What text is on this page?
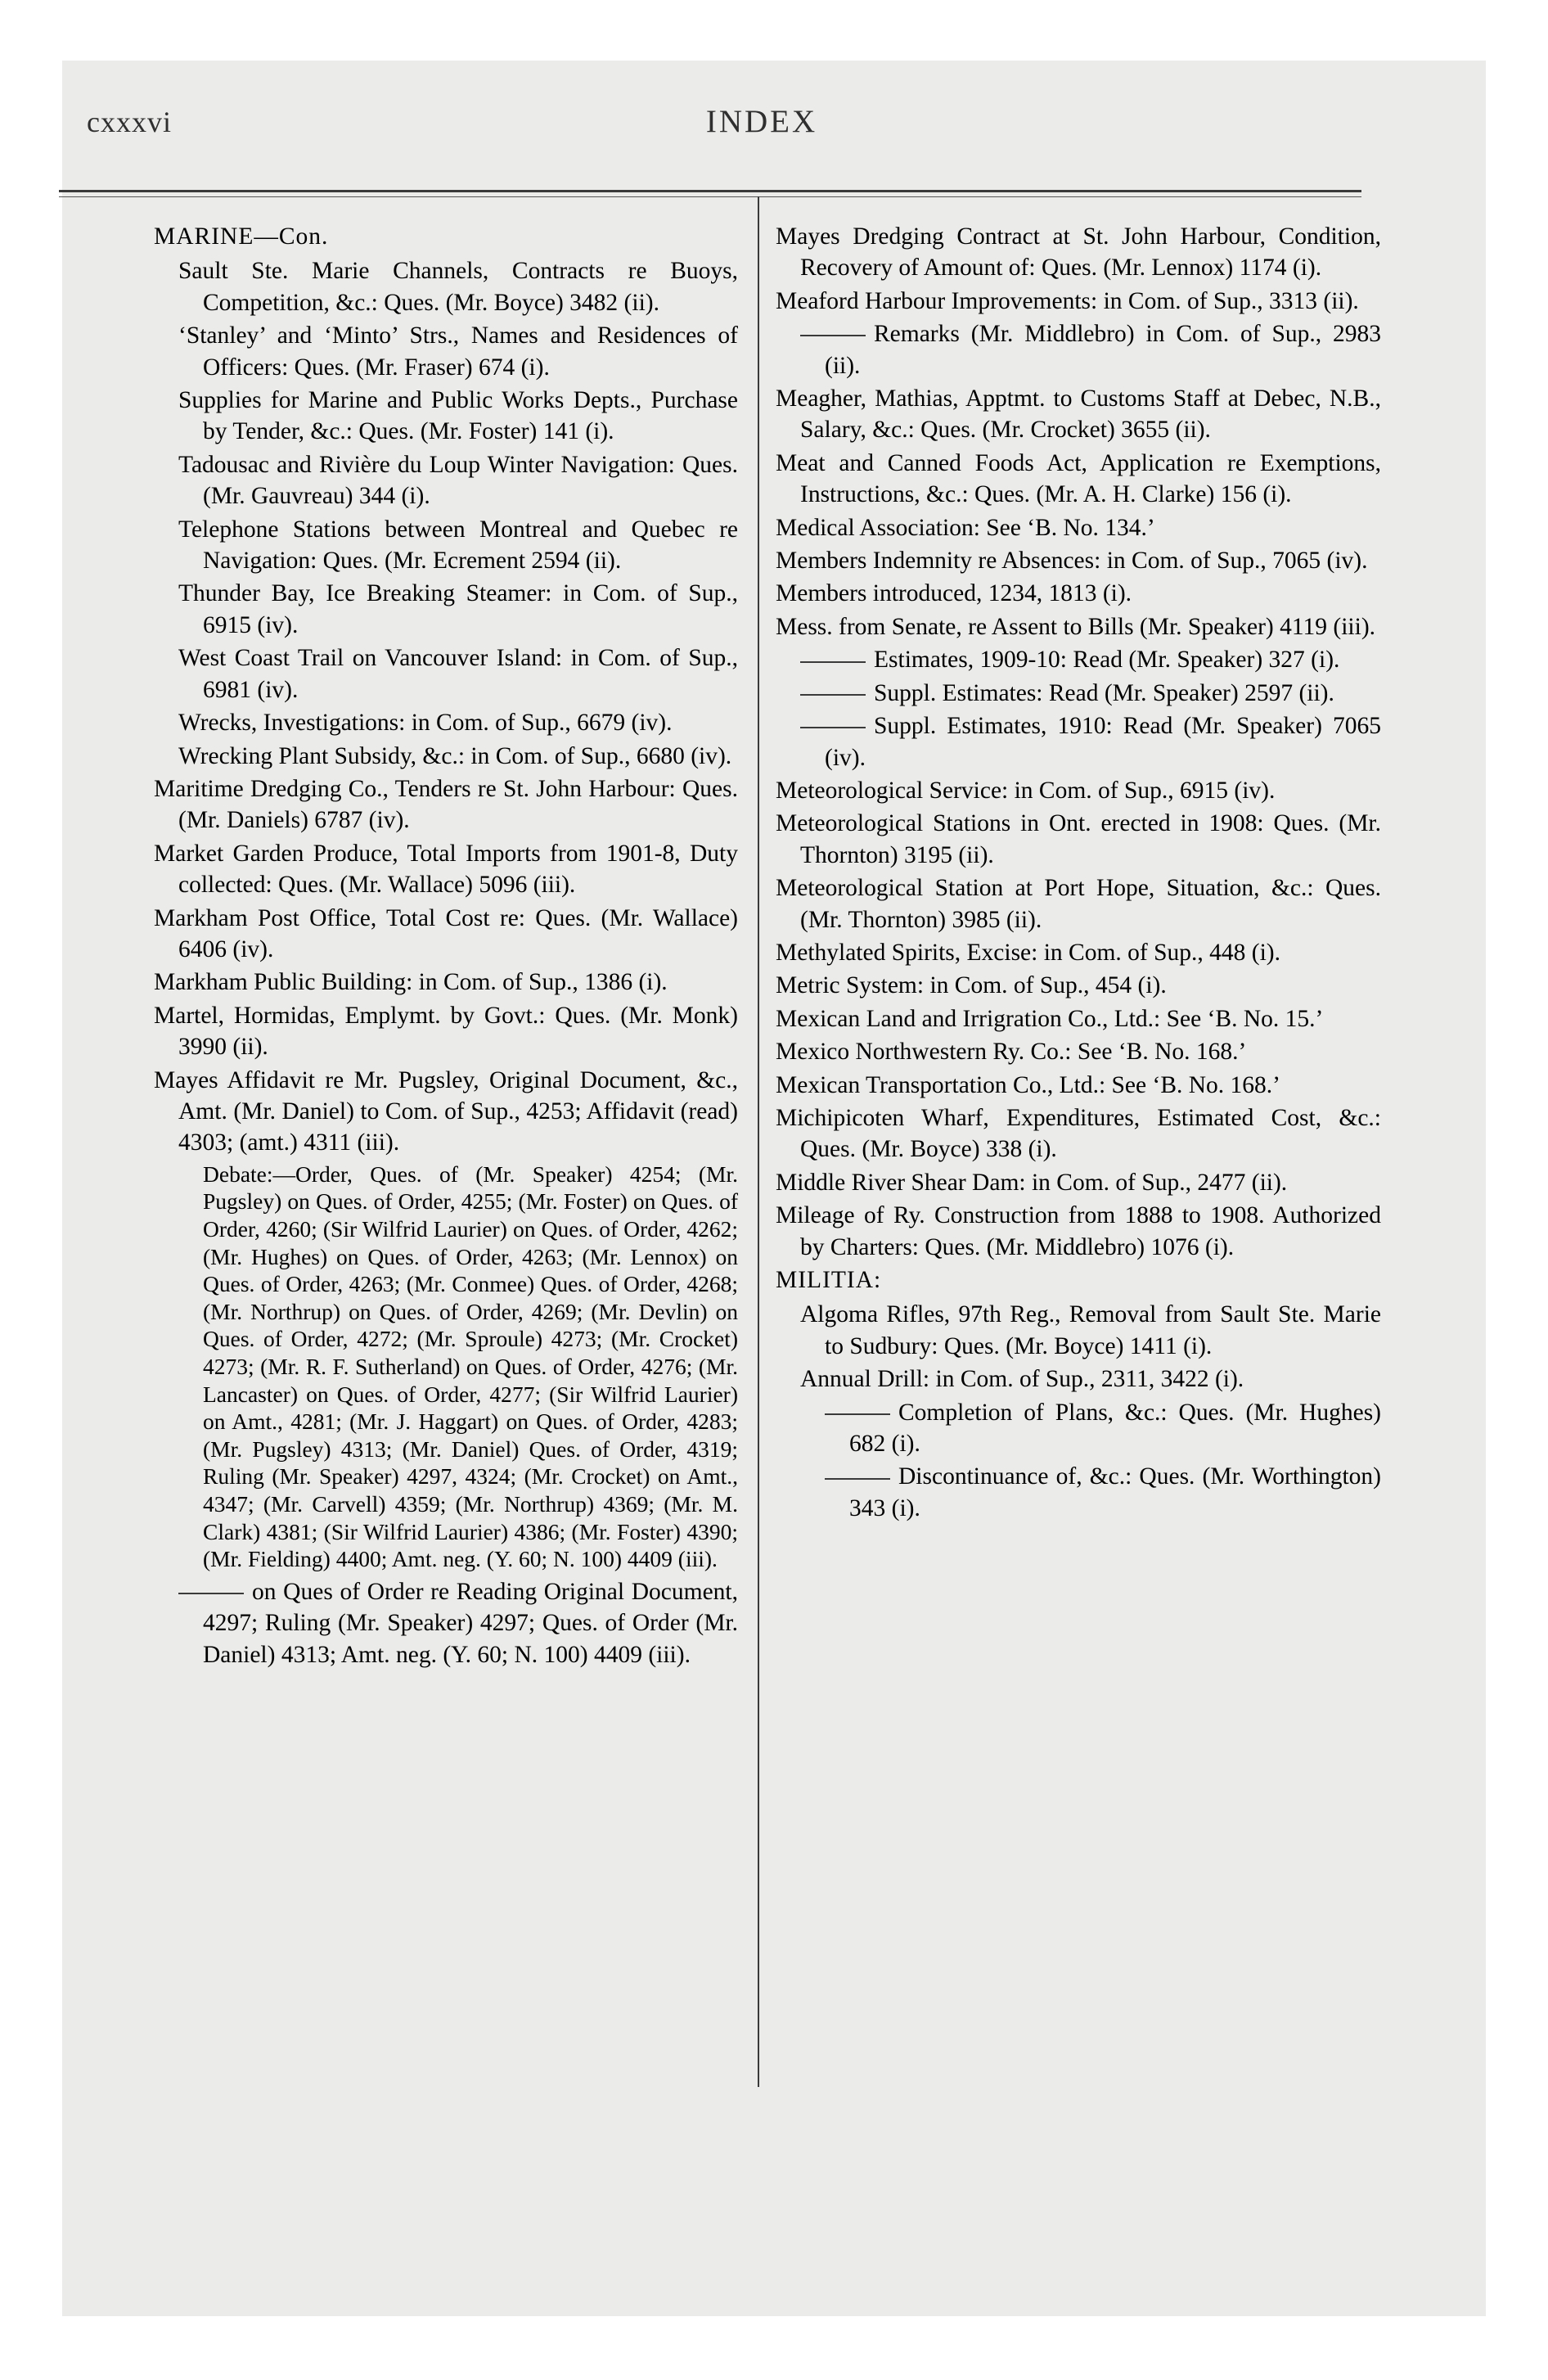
cxxxvi	INDEX
MARINE—Con.
Sault Ste. Marie Channels, Contracts re Buoys, Competition, &c.: Ques. (Mr. Boyce) 3482 (ii).
‘Stanley’ and ‘Minto’ Strs., Names and Residences of Officers: Ques. (Mr. Fraser) 674 (i).
Supplies for Marine and Public Works Depts., Purchase by Tender, &c.: Ques. (Mr. Foster) 141 (i).
Tadousac and Rivière du Loup Winter Navigation: Ques. (Mr. Gauvreau) 344 (i).
Telephone Stations between Montreal and Quebec re Navigation: Ques. (Mr. Ecrement 2594 (ii).
Thunder Bay, Ice Breaking Steamer: in Com. of Sup., 6915 (iv).
West Coast Trail on Vancouver Island: in Com. of Sup., 6981 (iv).
Wrecks, Investigations: in Com. of Sup., 6679 (iv).
Wrecking Plant Subsidy, &c.: in Com. of Sup., 6680 (iv).
Maritime Dredging Co., Tenders re St. John Harbour: Ques. (Mr. Daniels) 6787 (iv).
Market Garden Produce, Total Imports from 1901-8, Duty collected: Ques. (Mr. Wallace) 5096 (iii).
Markham Post Office, Total Cost re: Ques. (Mr. Wallace) 6406 (iv).
Markham Public Building: in Com. of Sup., 1386 (i).
Martel, Hormidas, Emplymt. by Govt.: Ques. (Mr. Monk) 3990 (ii).
Mayes Affidavit re Mr. Pugsley, Original Document, &c., Amt. (Mr. Daniel) to Com. of Sup., 4253; Affidavit (read) 4303; (amt.) 4311 (iii).
Debate:—Order, Ques. of (Mr. Speaker) 4254; (Mr. Pugsley) on Ques. of Order, 4255; (Mr. Foster) on Ques. of Order, 4260; (Sir Wilfrid Laurier) on Ques. of Order, 4262; (Mr. Hughes) on Ques. of Order, 4263; (Mr. Lennox) on Ques. of Order, 4263; (Mr. Conmee) Ques. of Order, 4268; (Mr. Northrup) on Ques. of Order, 4269; (Mr. Devlin) on Ques. of Order, 4272; (Mr. Sproule) 4273; (Mr. Crocket) 4273; (Mr. R. F. Sutherland) on Ques. of Order, 4276; (Mr. Lancaster) on Ques. of Order, 4277; (Sir Wilfrid Laurier) on Amt., 4281; (Mr. J. Haggart) on Ques. of Order, 4283; (Mr. Pugsley) 4313; (Mr. Daniel) Ques. of Order, 4319; Ruling (Mr. Speaker) 4297, 4324; (Mr. Crocket) on Amt., 4347; (Mr. Carvell) 4359; (Mr. Northrup) 4369; (Mr. M. Clark) 4381; (Sir Wilfrid Laurier) 4386; (Mr. Foster) 4390; (Mr. Fielding) 4400; Amt. neg. (Y. 60; N. 100) 4409 (iii).
on Ques of Order re Reading Original Document, 4297; Ruling (Mr. Speaker) 4297; Ques. of Order (Mr. Daniel) 4313; Amt. neg. (Y. 60; N. 100) 4409 (iii).
Mayes Dredging Contract at St. John Harbour, Condition, Recovery of Amount of: Ques. (Mr. Lennox) 1174 (i).
Meaford Harbour Improvements: in Com. of Sup., 3313 (ii).
Remarks (Mr. Middlebro) in Com. of Sup., 2983 (ii).
Meagher, Mathias, Apptmt. to Customs Staff at Debec, N.B., Salary, &c.: Ques. (Mr. Crocket) 3655 (ii).
Meat and Canned Foods Act, Application re Exemptions, Instructions, &c.: Ques. (Mr. A. H. Clarke) 156 (i).
Medical Association: See ‘B. No. 134.’
Members Indemnity re Absences: in Com. of Sup., 7065 (iv).
Members introduced, 1234, 1813 (i).
Mess. from Senate, re Assent to Bills (Mr. Speaker) 4119 (iii).
Estimates, 1909-10: Read (Mr. Speaker) 327 (i).
Suppl. Estimates: Read (Mr. Speaker) 2597 (ii).
Suppl. Estimates, 1910: Read (Mr. Speaker) 7065 (iv).
Meteorological Service: in Com. of Sup., 6915 (iv).
Meteorological Stations in Ont. erected in 1908: Ques. (Mr. Thornton) 3195 (ii).
Meteorological Station at Port Hope, Situation, &c.: Ques. (Mr. Thornton) 3985 (ii).
Methylated Spirits, Excise: in Com. of Sup., 448 (i).
Metric System: in Com. of Sup., 454 (i).
Mexican Land and Irrigration Co., Ltd.: See ‘B. No. 15.’
Mexico Northwestern Ry. Co.: See ‘B. No. 168.’
Mexican Transportation Co., Ltd.: See ‘B. No. 168.’
Michipicoten Wharf, Expenditures, Estimated Cost, &c.: Ques. (Mr. Boyce) 338 (i).
Middle River Shear Dam: in Com. of Sup., 2477 (ii).
Mileage of Ry. Construction from 1888 to 1908. Authorized by Charters: Ques. (Mr. Middlebro) 1076 (i).
MILITIA:
Algoma Rifles, 97th Reg., Removal from Sault Ste. Marie to Sudbury: Ques. (Mr. Boyce) 1411 (i).
Annual Drill: in Com. of Sup., 2311, 3422 (i).
Completion of Plans, &c.: Ques. (Mr. Hughes) 682 (i).
Discontinuance of, &c.: Ques. (Mr. Worthington) 343 (i).
